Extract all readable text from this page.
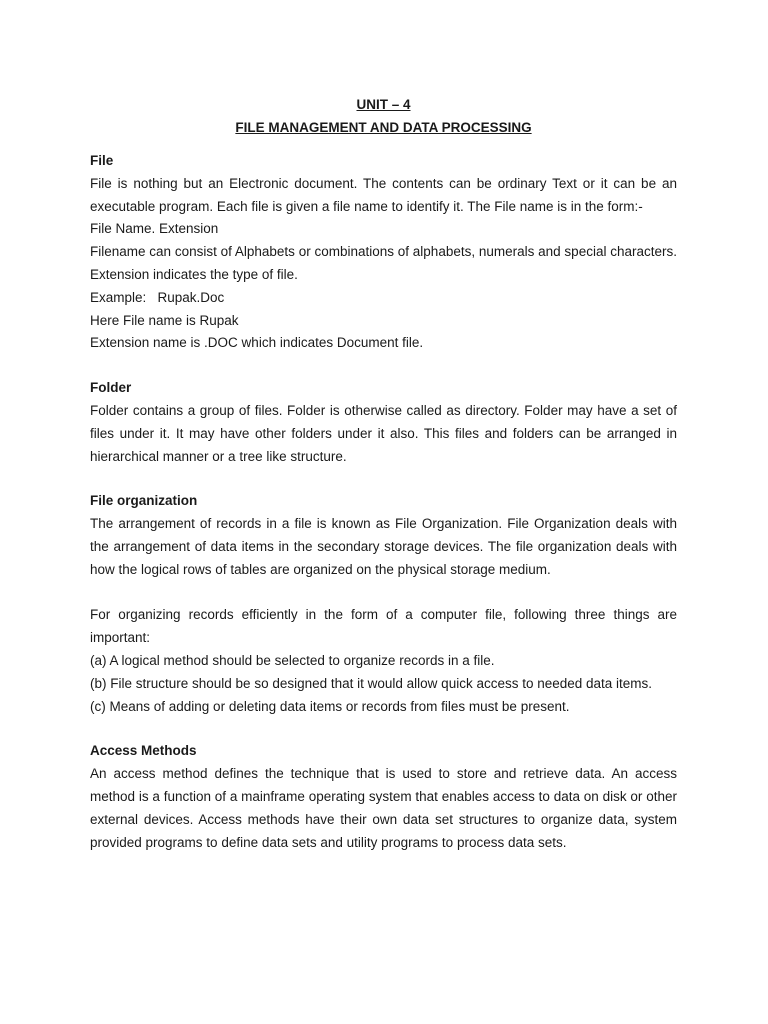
UNIT – 4
FILE MANAGEMENT AND DATA PROCESSING

File

File is nothing but an Electronic document. The contents can be ordinary Text or it can be an executable program. Each file is given a file name to identify it. The File name is in the form:-

File Name. Extension

Filename can consist of Alphabets or combinations of alphabets, numerals and special characters. Extension indicates the type of file.

Example:   Rupak.Doc

Here File name is Rupak

Extension name is .DOC which indicates Document file.

Folder

Folder contains a group of files. Folder is otherwise called as directory. Folder may have a set of files under it. It may have other folders under it also. This files and folders can be arranged in hierarchical manner or a tree like structure.

File organization

The arrangement of records in a file is known as File Organization. File Organization deals with the arrangement of data items in the secondary storage devices. The file organization deals with how the logical rows of tables are organized on the physical storage medium.

For organizing records efficiently in the form of a computer file, following three things are important:

(a) A logical method should be selected to organize records in a file.

(b) File structure should be so designed that it would allow quick access to needed data items.

(c) Means of adding or deleting data items or records from files must be present.

Access Methods

An access method defines the technique that is used to store and retrieve data. An access method is a function of a mainframe operating system that enables access to data on disk or other external devices. Access methods have their own data set structures to organize data, system provided programs to define data sets and utility programs to process data sets.
